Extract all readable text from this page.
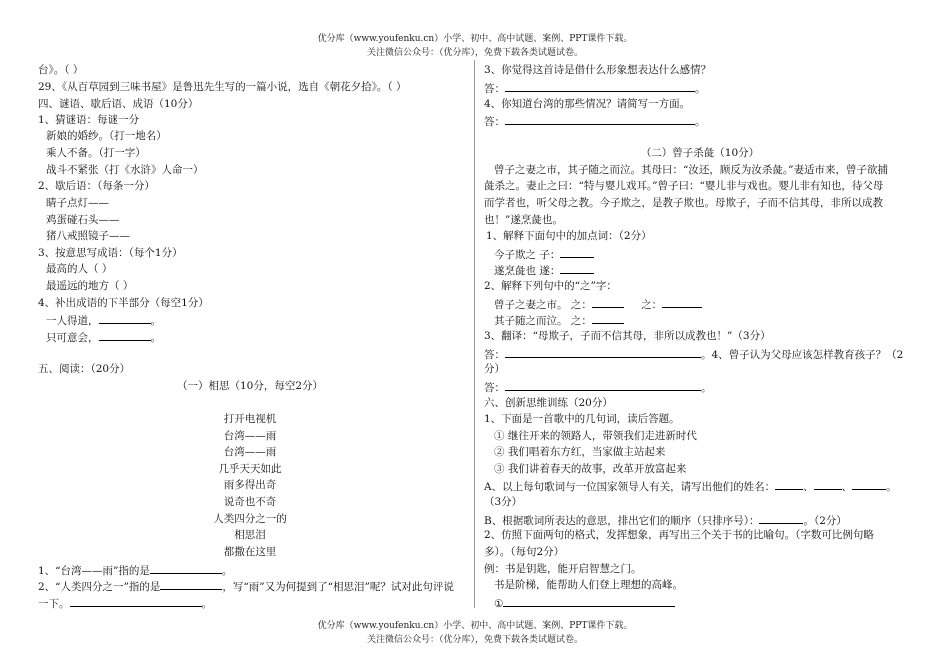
优分库（www.youfenku.cn）小学、初中、高中试题、案例、PPT课件下载。
关注微信公众号：（优分库），免费下载各类试题试卷。
台》。（ ）
29、《从百草园到三味书屋》是鲁迅先生写的一篇小说，选自《朝花夕拾》。（ ）
四、谜语、歇后语、成语（10分）
1、猜谜语：每谜一分
新娘的婚纱。（打一地名）
乘人不备。（打一字）
战斗不紧张（打《水浒》人命一）
2、歇后语：（每条一分）
睛子点灯——
鸡蛋碰石头——
猪八戒照镜子——
3、按意思写成语：（每个1分）
最高的人（ ）
最遥远的地方（ ）
4、补出成语的下半部分（每空1分）
一人得道，	。
只可意会，	。
五、阅读：（20分）
（一）相思（10分，每空2分）
打开电视机
台湾——雨
台湾——雨
几乎天天如此
雨多得出奇
说奇也不奇
人类四分之一的
相思泪
都撒在这里
1、“台湾——雨”指的是	。
2、“人类四分之一”指的是	，写“雨”又为何提到了“相思泪”呢？试对此句评说
一下。	。
3、你觉得这首诗是借什么形象想表达什么感情？
答：	。
4、你知道台湾的那些情况？请简写一方面。
答：	。
（二）曾子杀彘（10分）
曾子之妻之市，其子随之而泣。其母曰：“汝还，顾反为汝杀彘。”妻适市来，曾子欲捕
彘杀之。妻止之曰：“特与婴儿戏耳。”曾子曰：“婴儿非与戏也。婴儿非有知也，待父母
而学者也，听父母之教。今子欺之，是教子欺也。母欺子，子而不信其母，非所以成教
也！”遂烹彘也。
1、解释下面句中的加点词：（2分）
今子欺之 子：
遂烹彘也 遂：
2、解释下列句中的“之”字：
曾子之妻之市。 之：	之：
其子随之而泣。 之：
3、翻译：“母欺子，子而不信其母，非所以成教也！”（3分）
答：	。4、曾子认为父母应该怎样教育孩子？（2
分）
答：	。
六、创新思维训练（20分）
1、下面是一首歌中的几句词，读后答题。
① 继往开来的领路人，带领我们走进新时代
② 我们唱着东方红，当家做主站起来
③ 我们讲着春天的故事，改革开放富起来
A、以上每句歌词与一位国家领导人有关，请写出他们的姓名：	、	、	。
（3分）
B、根据歌词所表达的意思，排出它们的顺序（只排序号）：	。（2分）
2、仿照下面两句的格式，发挥想象，再写出三个关于书的比喻句。（字数可比例句略
多）。（每句2分）
例：书是钥匙，能开启智慧之门。
书是阶梯，能帮助人们登上理想的高峰。
①
优分库（www.youfenku.cn）小学、初中、高中试题、案例、PPT课件下载。
关注微信公众号：（优分库），免费下载各类试题试卷。
